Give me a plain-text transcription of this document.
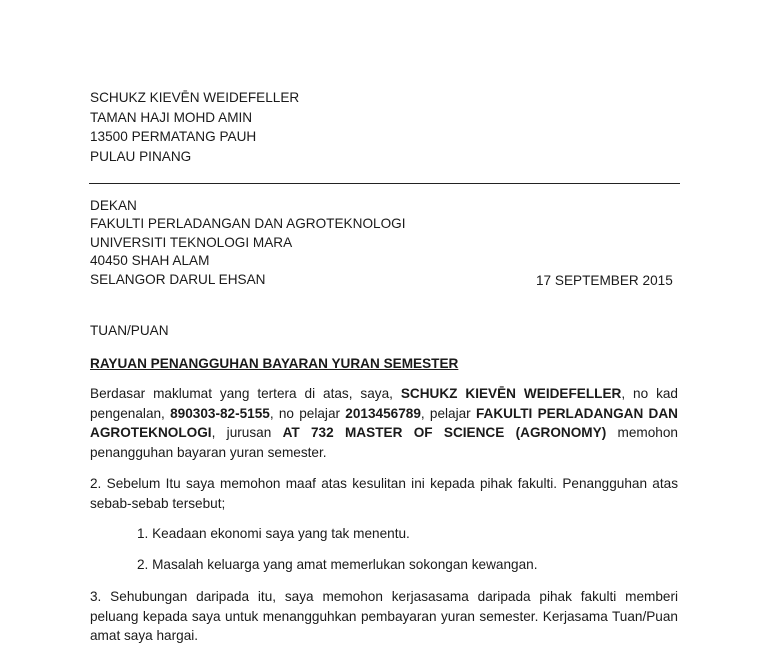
SCHUKZ KIEVĒN WEIDEFELLER
TAMAN HAJI MOHD AMIN
13500 PERMATANG PAUH
PULAU PINANG
DEKAN
FAKULTI PERLADANGAN DAN AGROTEKNOLOGI
UNIVERSITI TEKNOLOGI MARA
40450 SHAH ALAM
SELANGOR DARUL EHSAN	17 SEPTEMBER 2015
TUAN/PUAN
RAYUAN PENANGGUHAN BAYARAN YURAN SEMESTER
Berdasar maklumat yang tertera di atas, saya, SCHUKZ KIEVĒN WEIDEFELLER, no kad pengenalan, 890303-82-5155, no pelajar 2013456789, pelajar FAKULTI PERLADANGAN DAN AGROTEKNOLOGI, jurusan AT 732 MASTER OF SCIENCE (AGRONOMY) memohon penangguhan bayaran yuran semester.
2. Sebelum Itu saya memohon maaf atas kesulitan ini kepada pihak fakulti. Penangguhan atas sebab-sebab tersebut;
1. Keadaan ekonomi saya yang tak menentu.
2. Masalah keluarga yang amat memerlukan sokongan kewangan.
3. Sehubungan daripada itu, saya memohon kerjasasama daripada pihak fakulti memberi peluang kepada saya untuk menangguhkan pembayaran yuran semester. Kerjasama Tuan/Puan amat saya hargai.
